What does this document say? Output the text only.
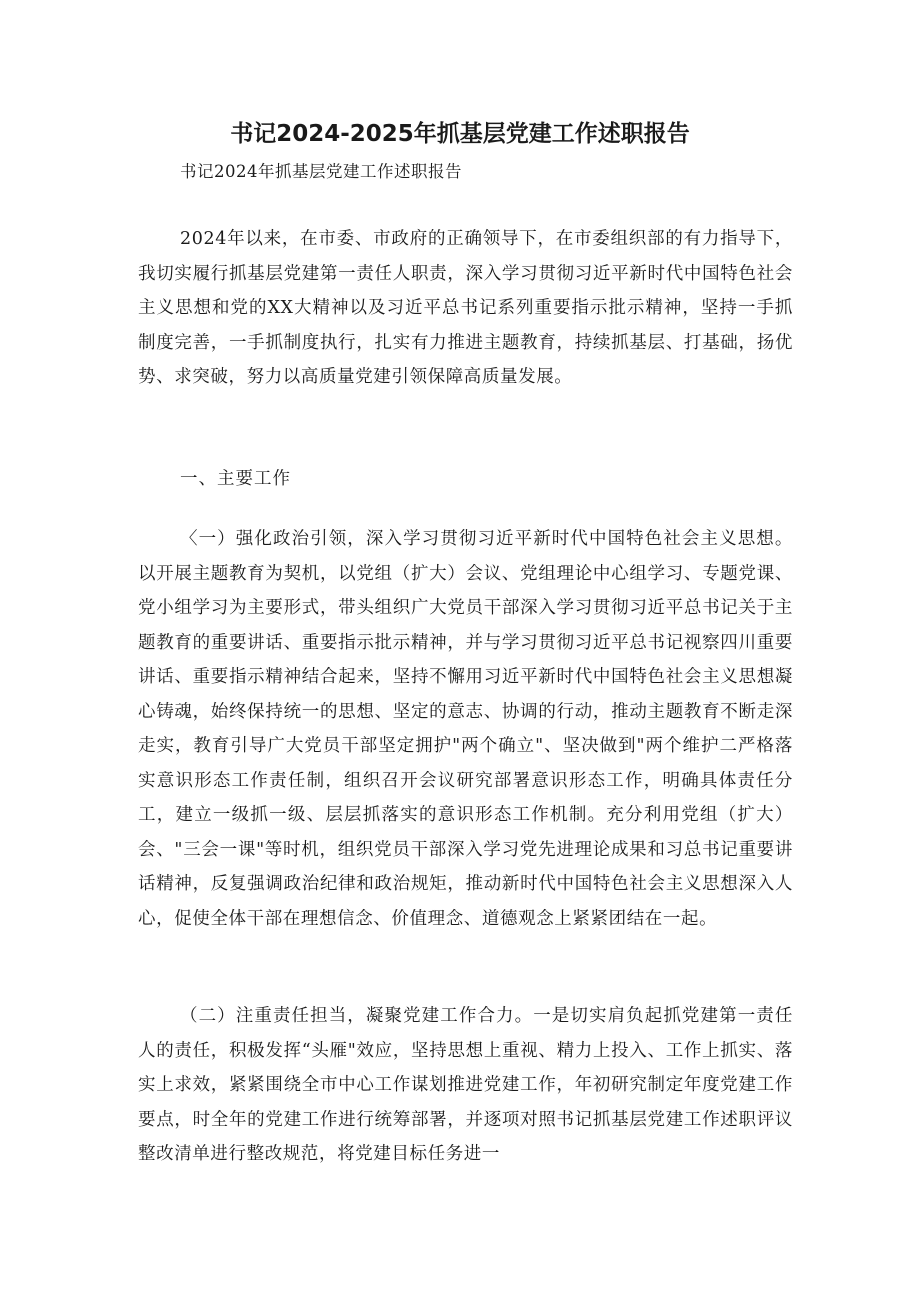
书记2024-2025年抓基层党建工作述职报告

书记2024年抓基层党建工作述职报告

2024年以来，在市委、市政府的正确领导下，在市委组织部的有力指导下，我切实履行抓基层党建第一责任人职责，深入学习贯彻习近平新时代中国特色社会主义思想和党的XX大精神以及习近平总书记系列重要指示批示精神，坚持一手抓制度完善，一手抓制度执行，扎实有力推进主题教育，持续抓基层、打基础，扬优势、求突破，努力以高质量党建引领保障高质量发展。

一、主要工作

〈一）强化政治引领，深入学习贯彻习近平新时代中国特色社会主义思想。以开展主题教育为契机，以党组（扩大）会议、党组理论中心组学习、专题党课、党小组学习为主要形式，带头组织广大党员干部深入学习贯彻习近平总书记关于主题教育的重要讲话、重要指示批示精神，并与学习贯彻习近平总书记视察四川重要讲话、重要指示精神结合起来，坚持不懈用习近平新时代中国特色社会主义思想凝心铸魂，始终保持统一的思想、坚定的意志、协调的行动，推动主题教育不断走深走实，教育引导广大党员干部坚定拥护"两个确立"、坚决做到"两个维护二严格落实意识形态工作责任制，组织召开会议研究部署意识形态工作，明确具体责任分工，建立一级抓一级、层层抓落实的意识形态工作机制。充分利用党组（扩大）会、"三会一课"等时机，组织党员干部深入学习党先进理论成果和习总书记重要讲话精神，反复强调政治纪律和政治规矩，推动新时代中国特色社会主义思想深入人心，促使全体干部在理想信念、价值理念、道德观念上紧紧团结在一起。

（二）注重责任担当，凝聚党建工作合力。一是切实肩负起抓党建第一责任人的责任，积极发挥“头雁"效应，坚持思想上重视、精力上投入、工作上抓实、落实上求效，紧紧围绕全市中心工作谋划推进党建工作，年初研究制定年度党建工作要点，时全年的党建工作进行统筹部署，并逐项对照书记抓基层党建工作述职评议整改清单进行整改规范，将党建目标任务进一
